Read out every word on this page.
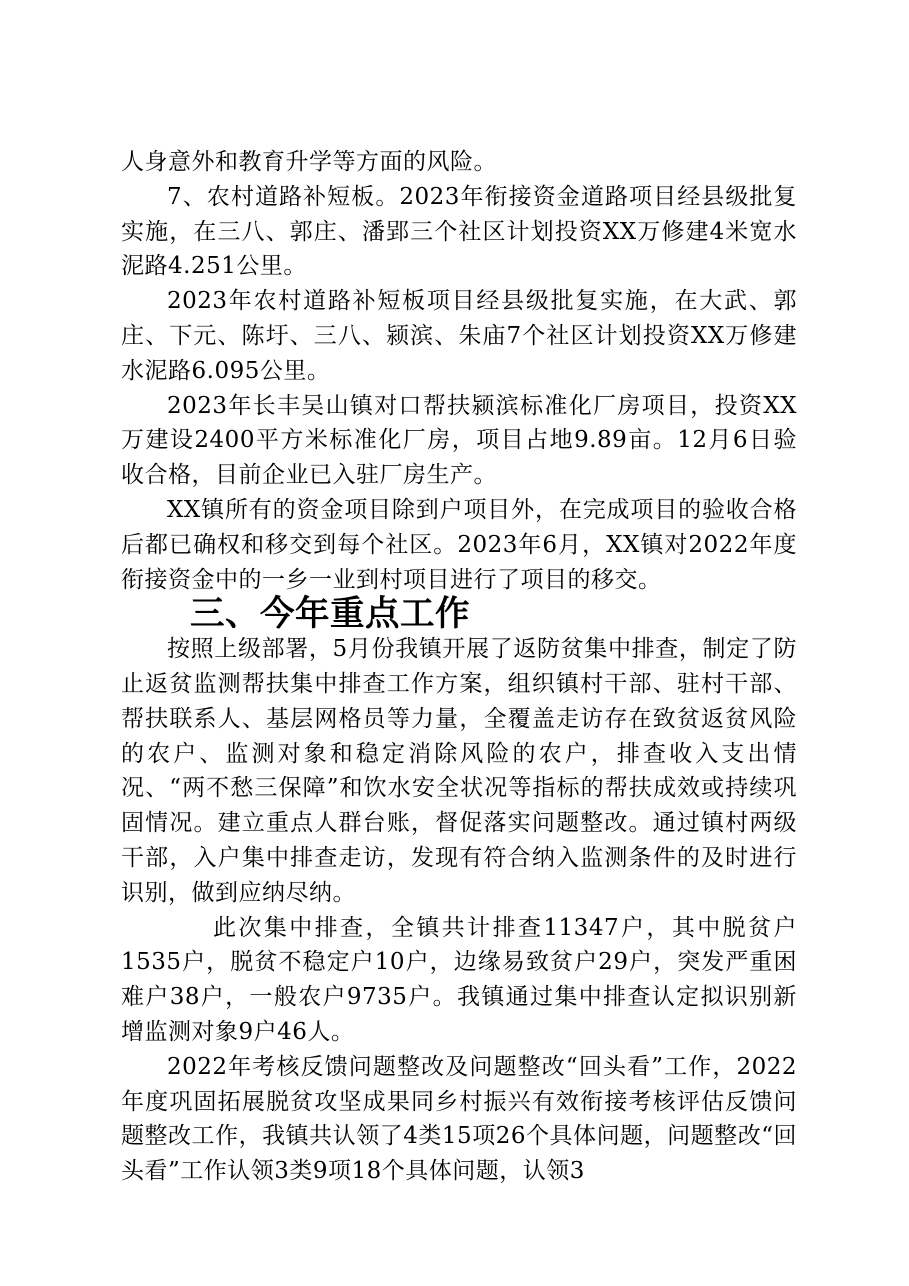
人身意外和教育升学等方面的风险。

7、农村道路补短板。2023年衔接资金道路项目经县级批复实施，在三八、郭庄、潘郢三个社区计划投资XX万修建4米宽水泥路4.251公里。

2023年农村道路补短板项目经县级批复实施，在大武、郭庄、下元、陈圩、三八、颍滨、朱庙7个社区计划投资XX万修建水泥路6.095公里。

2023年长丰吴山镇对口帮扶颍滨标准化厂房项目，投资XX万建设2400平方米标准化厂房，项目占地9.89亩。12月6日验收合格，目前企业已入驻厂房生产。

XX镇所有的资金项目除到户项目外，在完成项目的验收合格后都已确权和移交到每个社区。2023年6月，XX镇对2022年度衔接资金中的一乡一业到村项目进行了项目的移交。

三、今年重点工作

按照上级部署，5月份我镇开展了返防贫集中排查，制定了防止返贫监测帮扶集中排查工作方案，组织镇村干部、驻村干部、帮扶联系人、基层网格员等力量，全覆盖走访存在致贫返贫风险的农户、监测对象和稳定消除风险的农户，排查收入支出情况、“两不愁三保障”和饮水安全状况等指标的帮扶成效或持续巩固情况。建立重点人群台账，督促落实问题整改。通过镇村两级干部，入户集中排查走访，发现有符合纳入监测条件的及时进行识别，做到应纳尽纳。

此次集中排查，全镇共计排查11347户，其中脱贫户1535户，脱贫不稳定户10户，边缘易致贫户29户，突发严重困难户38户，一般农户9735户。我镇通过集中排查认定拟识别新增监测对象9户46人。

2022年考核反馈问题整改及问题整改“回头看”工作，2022年度巩固拓展脱贫攻坚成果同乡村振兴有效衔接考核评估反馈问题整改工作，我镇共认领了4类15项26个具体问题，问题整改“回头看”工作认领3类9项18个具体问题，认领3
